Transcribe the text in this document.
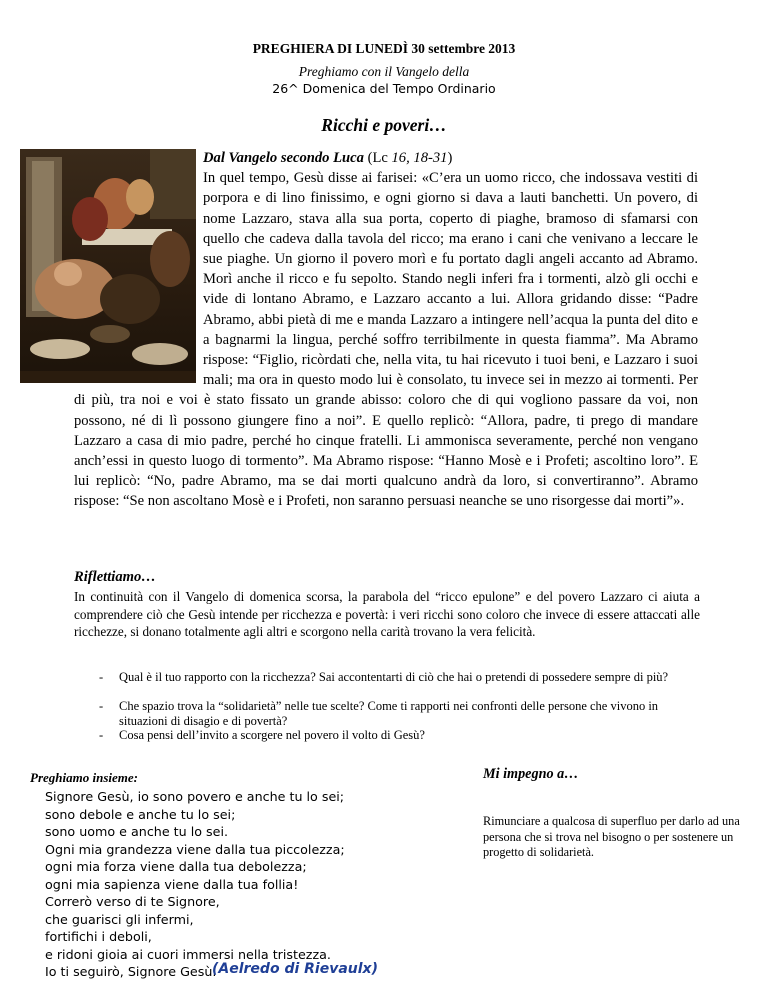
PREGHIERA DI LUNEDÌ 30 settembre 2013
Preghiamo con il Vangelo della
26^ Domenica del Tempo Ordinario
Ricchi e poveri…
Dal Vangelo secondo Luca (Lc 16, 18-31)
In quel tempo, Gesù disse ai farisei: «C’era un uomo ricco, che indossava vestiti di porpora e di lino finissimo, e ogni giorno si dava a lauti banchetti. Un povero, di nome Lazzaro, stava alla sua porta, coperto di piaghe, bramoso di sfamarsi con quello che cadeva dalla tavola del ricco; ma erano i cani che venivano a leccare le sue piaghe. Un giorno il povero morì e fu portato dagli angeli accanto ad Abramo. Morì anche il ricco e fu sepolto. Stando negli inferi fra i tormenti, alzò gli occhi e vide di lontano Abramo, e Lazzaro accanto a lui. Allora gridando disse: “Padre Abramo, abbi pietà di me e manda Lazzaro a intingere nell’acqua la punta del dito e a bagnarmi la lingua, perché soffro terribilmente in questa fiamma”. Ma Abramo rispose: “Figlio, ricòrdati che, nella vita, tu hai ricevuto i tuoi beni, e Lazzaro i suoi mali; ma ora in questo modo lui è consolato, tu invece sei in mezzo ai tormenti. Per di più, tra noi e voi è stato fissato un grande abisso: coloro che di qui vogliono passare da voi, non possono, né di lì possono giungere fino a noi”. E quello replicò: “Allora, padre, ti prego di mandare Lazzaro a casa di mio padre, perché ho cinque fratelli. Li ammonisca severamente, perché non vengano anch’essi in questo luogo di tormento”. Ma Abramo rispose: “Hanno Mosè e i Profeti; ascoltino loro”. E lui replicò: “No, padre Abramo, ma se dai morti qualcuno andrà da loro, si convertiranno”. Abramo rispose: “Se non ascoltano Mosè e i Profeti, non saranno persuasi neanche se uno risorgesse dai morti”».
Riflettiamo…
In continuità con il Vangelo di domenica scorsa, la parabola del “ricco epulone” e del povero Lazzaro ci aiuta a comprendere ciò che Gesù intende per ricchezza e povertà: i veri ricchi sono coloro che invece di essere attaccati alle ricchezze, si donano totalmente agli altri e scorgono nella carità trovano la vera felicità.
- Qual è il tuo rapporto con la ricchezza? Sai accontentarti di ciò che hai o pretendi di possedere sempre di più?
- Che spazio trova la “solidarietà” nelle tue scelte? Come ti rapporti nei confronti delle persone che vivono in situazioni di disagio e di povertà?
- Cosa pensi dell’invito a scorgere nel povero il volto di Gesù?
Preghiamo insieme:
Signore Gesù, io sono povero e anche tu lo sei;
sono debole e anche tu lo sei;
sono uomo e anche tu lo sei.
Ogni mia grandezza viene dalla tua piccolezza;
ogni mia forza viene dalla tua debolezza;
ogni mia sapienza viene dalla tua follia!
Correrò verso di te Signore,
che guarisci gli infermi,
fortifichi i deboli,
e ridoni gioia ai cuori immersi nella tristezza.
Io ti seguirò, Signore Gesù.
(Aelredo di Rievaulx)
Mi impegno a…
Rimunciare a qualcosa di superfluo per darlo ad una persona che si trova nel bisogno o per sostenere un progetto di solidarietà.
